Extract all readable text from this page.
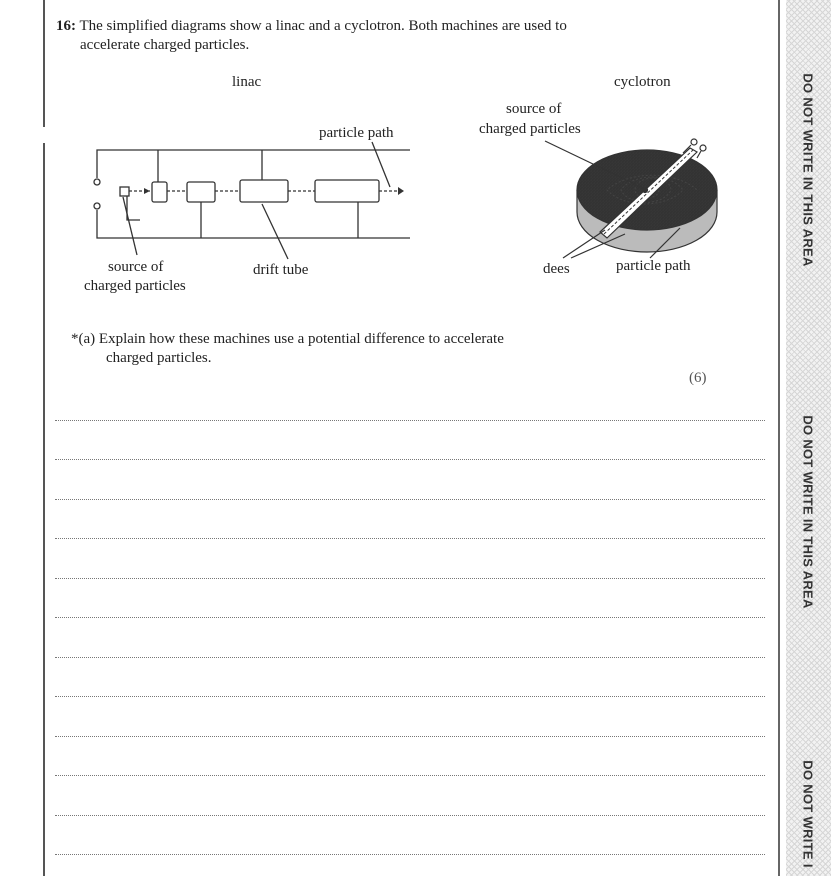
DO NOT WRITE IN THIS AREA
DO NOT WRITE IN THIS AREA
DO NOT WRITE I
16: The simplified diagrams show a linac and a cyclotron. Both machines are used to
accelerate charged particles.
linac
particle path
source of
charged particles
drift tube
cyclotron
source of
charged particles
dees	particle path
*(a) Explain how these machines use a potential difference to accelerate
charged particles.
(6)
